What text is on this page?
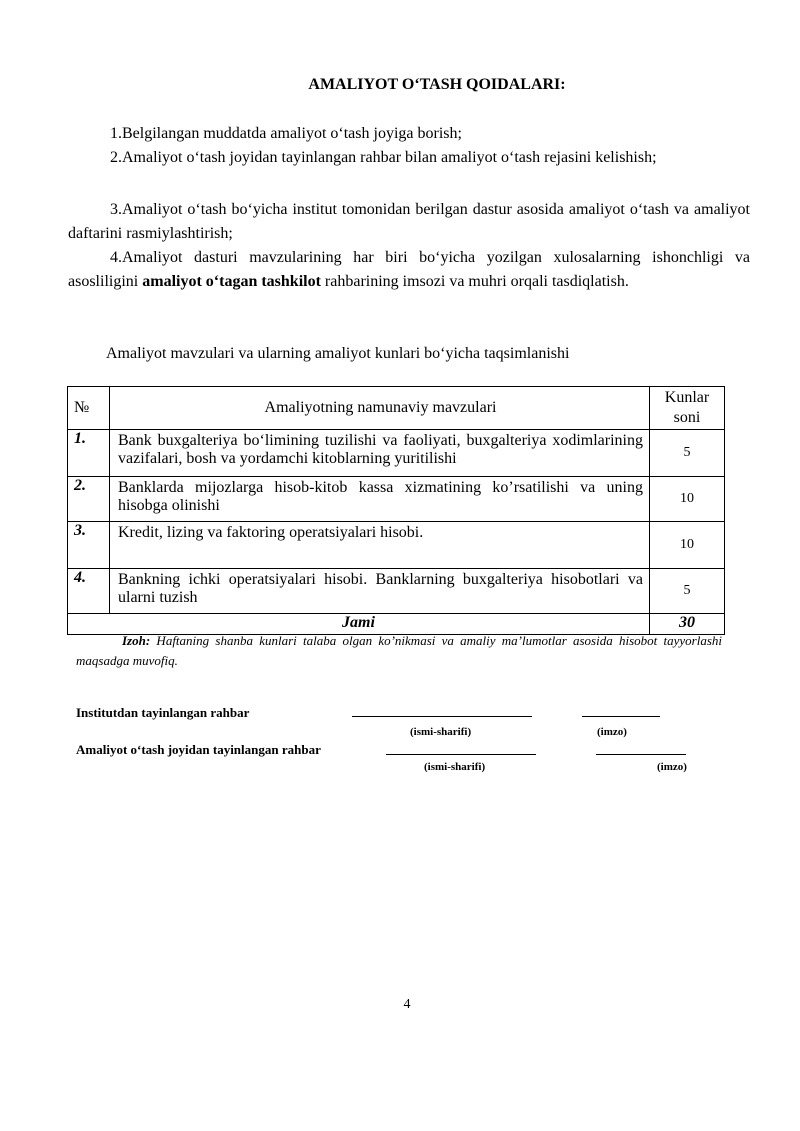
AMALIYOT O‘TASH QOIDALARI:
1.Belgilangan muddatda amaliyot o‘tash joyiga borish;
2.Amaliyot o‘tash joyidan tayinlangan rahbar bilan amaliyot o‘tash rejasini kelishish;
3.Amaliyot o‘tash bo‘yicha institut tomonidan berilgan dastur asosida amaliyot o‘tash va amaliyot daftarini rasmiylashtirish;
4.Amaliyot dasturi mavzularining har biri bo‘yicha yozilgan xulosalarning ishonchligi va asosliligini amaliyot o‘tagan tashkilot rahbarining imsozi va muhri orqali tasdiqlatish.
Amaliyot mavzulari va ularning amaliyot kunlari bo‘yicha taqsimlanishi
№	Amaliyotning namunaviy mavzulari	Kunlar soni
1.	Bank buxgalteriya bo‘limining tuzilishi va faoliyati, buxgalteriya xodimlarining vazifalari, bosh va yordamchi kitoblarning yuritilishi	5
2.	Banklarda mijozlarga hisob-kitob kassa xizmatining ko’rsatilishi va uning hisobga olinishi	10
3.	Kredit, lizing va faktoring operatsiyalari hisobi.	10
4.	Bankning ichki operatsiyalari hisobi. Banklarning buxgalteriya hisobotlari va ularni tuzish	5
Jami		30
Izoh: Haftaning shanba kunlari talaba olgan ko’nikmasi va amaliy ma’lumotlar asosida hisobot tayyorlashi maqsadga muvofiq.
Institutdan tayinlangan rahbar
(ismi-sharifi)	(imzo)
Amaliyot o‘tash joyidan tayinlangan rahbar
(ismi-sharifi)	(imzo)
4
